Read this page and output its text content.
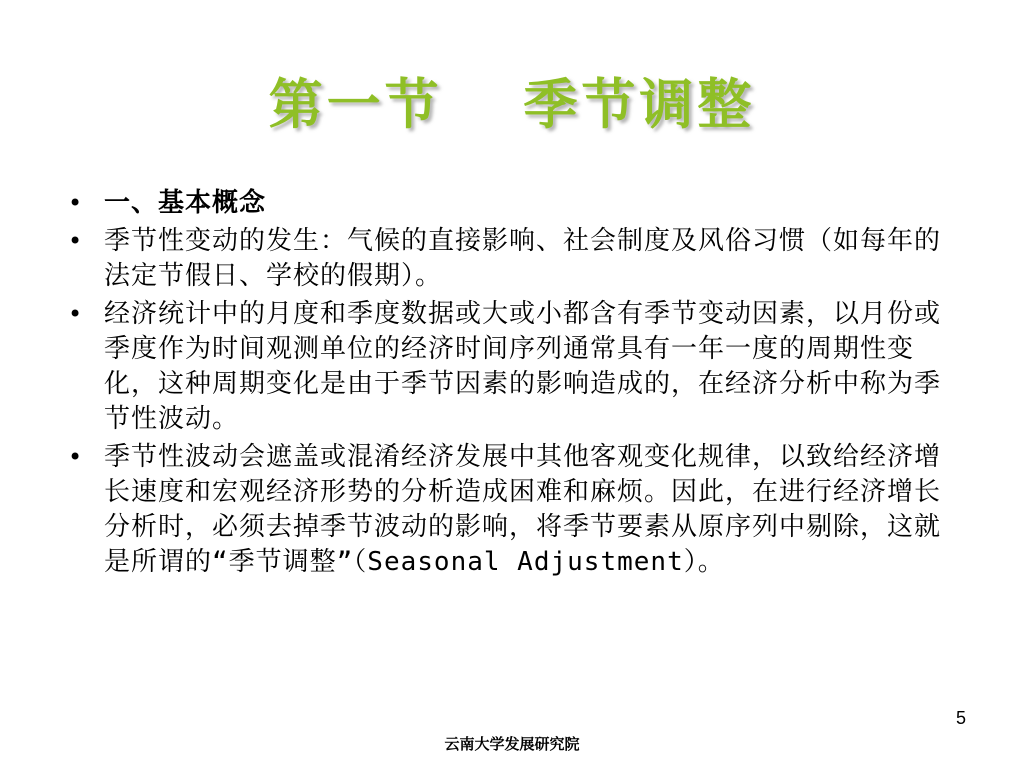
第一节　 季节调整
• 一、基本概念
• 季节性变动的发生：气候的直接影响、社会制度及风俗习惯（如每年的法定节假日、学校的假期）。
• 经济统计中的月度和季度数据或大或小都含有季节变动因素，以月份或季度作为时间观测单位的经济时间序列通常具有一年一度的周期性变化，这种周期变化是由于季节因素的影响造成的，在经济分析中称为季节性波动。
• 季节性波动会遮盖或混淆经济发展中其他客观变化规律，以致给经济增长速度和宏观经济形势的分析造成困难和麻烦。因此，在进行经济增长分析时，必须去掉季节波动的影响，将季节要素从原序列中剔除，这就是所谓的“季节调整”（Seasonal Adjustment）。
5
云南大学发展研究院
